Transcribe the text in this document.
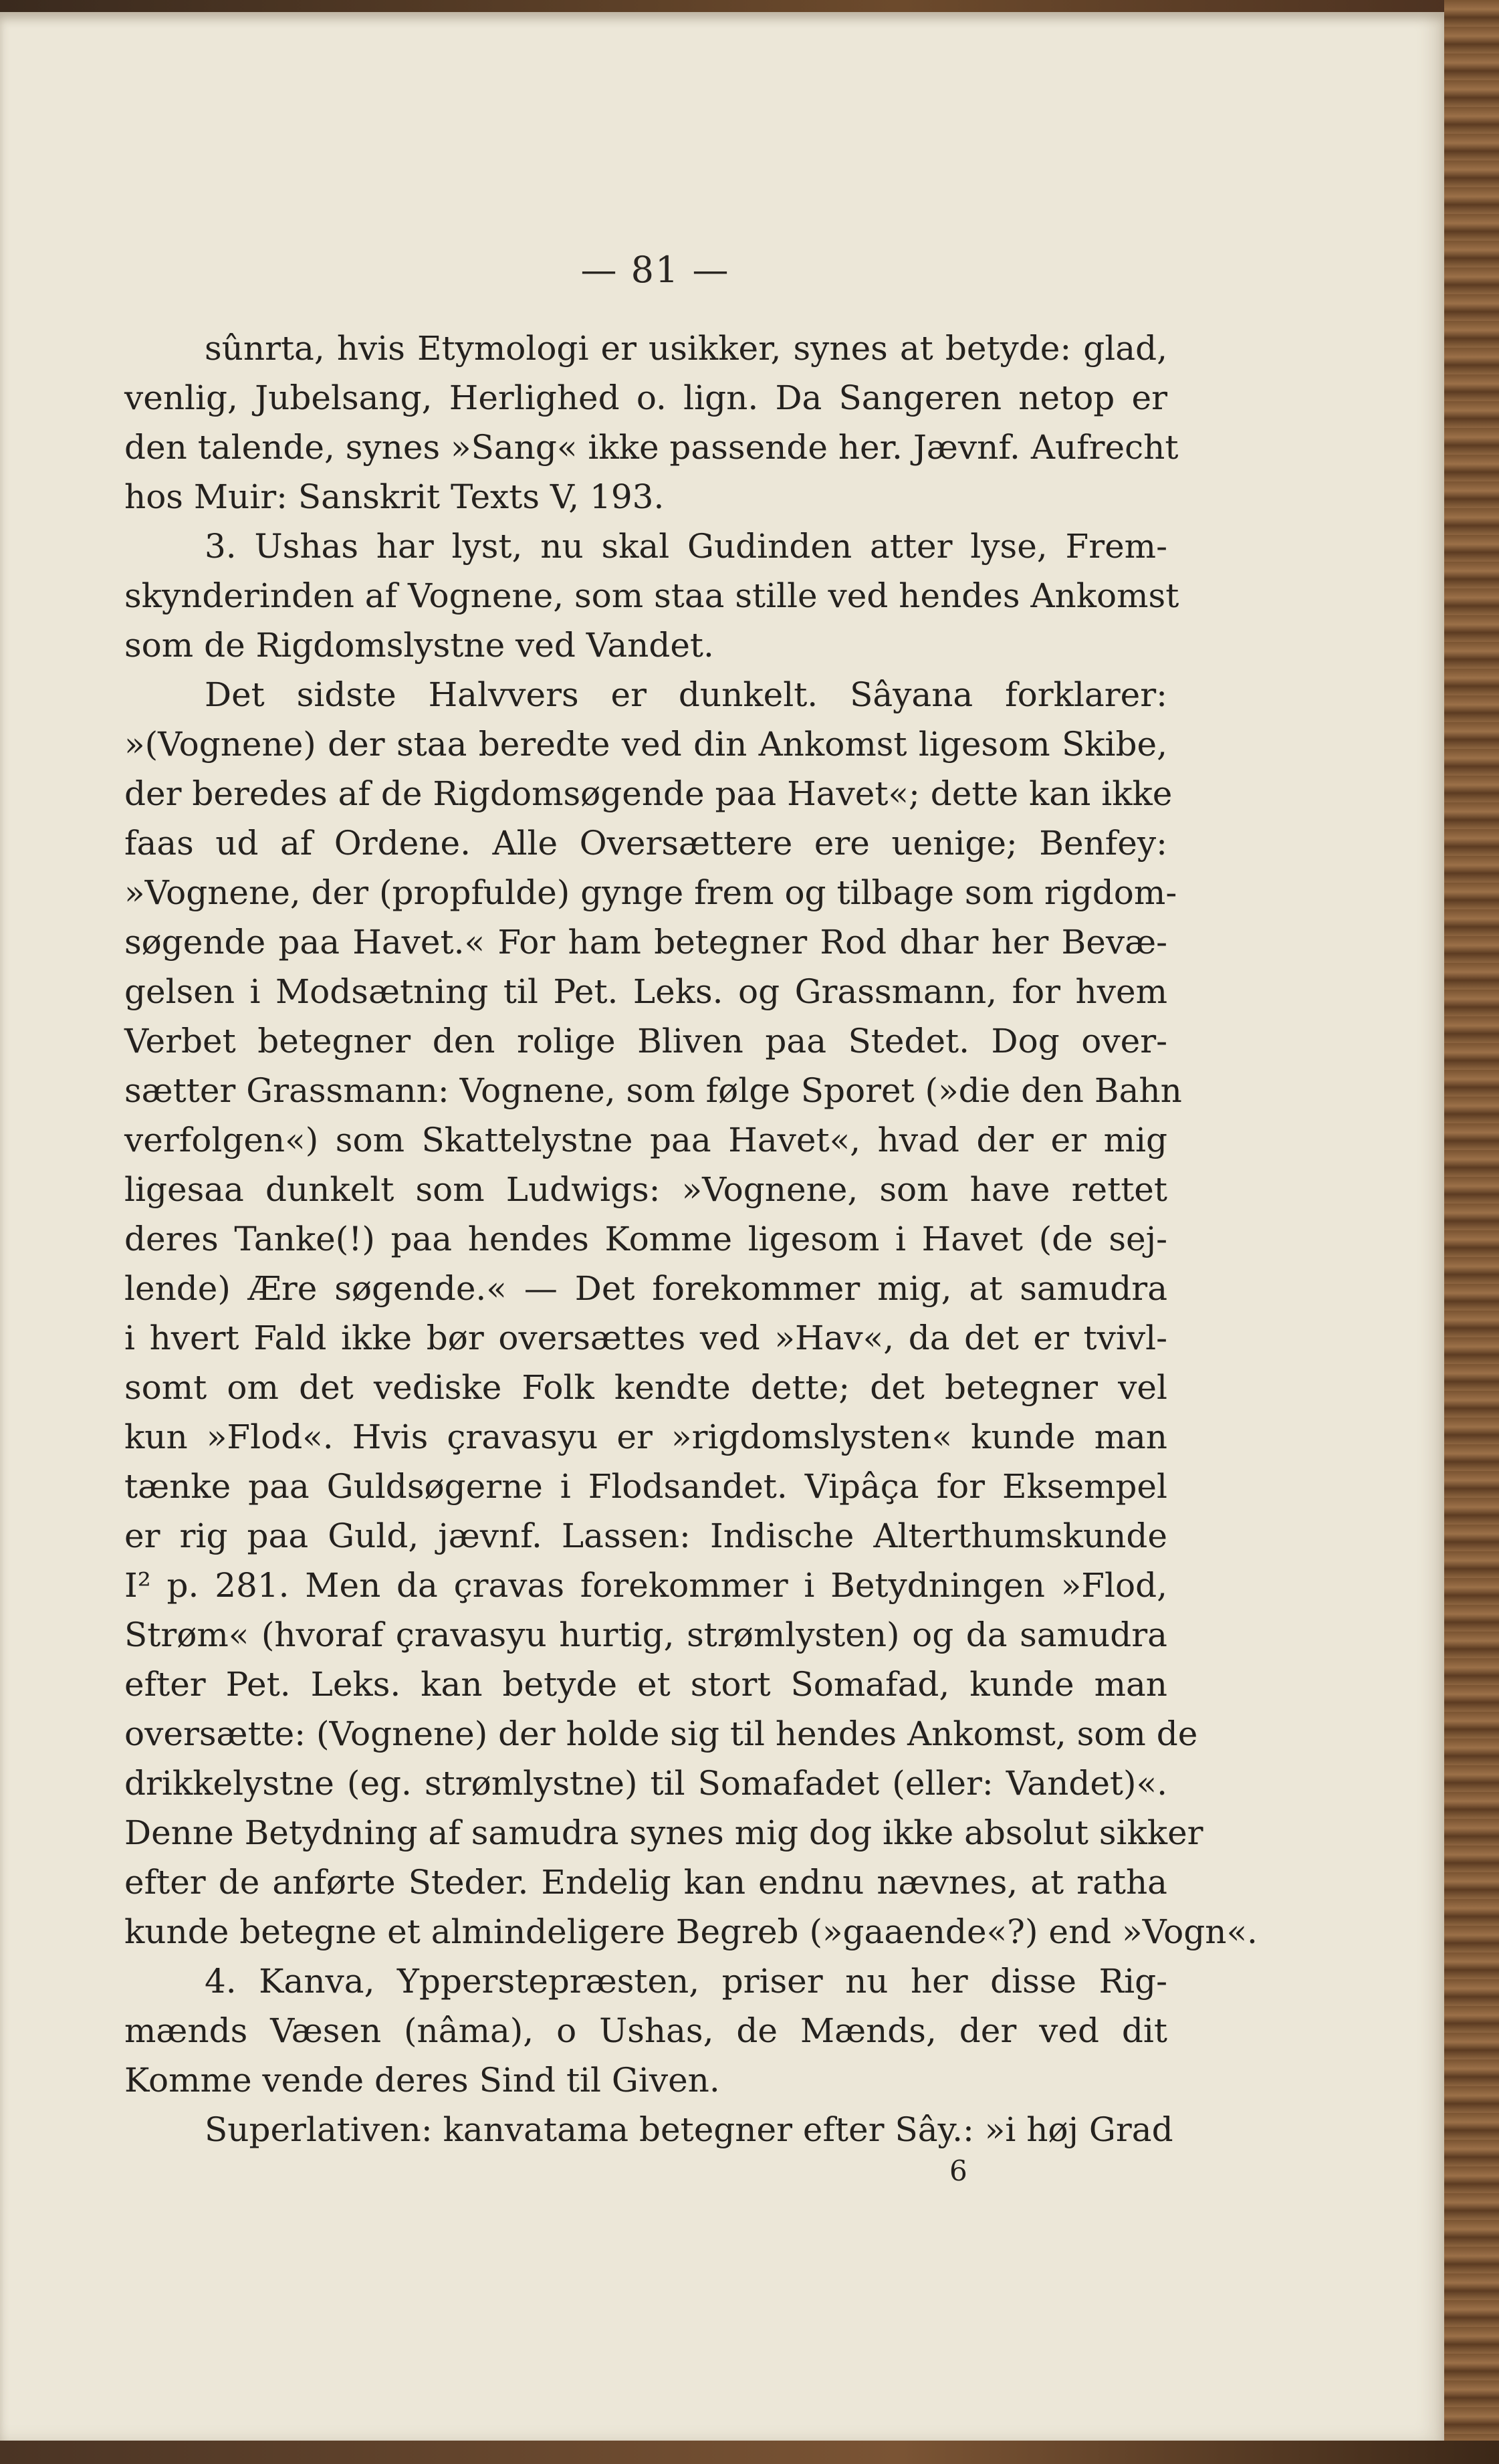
— 81 —
sûnrta, hvis Etymologi er usikker, synes at betyde: glad,
venlig, Jubelsang, Herlighed o. lign. Da Sangeren netop er
den talende, synes »Sang« ikke passende her. Jævnf. Aufrecht
hos Muir: Sanskrit Texts V, 193.
3. Ushas har lyst, nu skal Gudinden atter lyse, Frem-
skynderinden af Vognene, som staa stille ved hendes Ankomst
som de Rigdomslystne ved Vandet.
Det sidste Halvvers er dunkelt. Sâyana forklarer:
»(Vognene) der staa beredte ved din Ankomst ligesom Skibe,
der beredes af de Rigdomsøgende paa Havet«; dette kan ikke
faas ud af Ordene. Alle Oversættere ere uenige; Benfey:
»Vognene, der (propfulde) gynge frem og tilbage som rigdom-
søgende paa Havet.« For ham betegner Rod dhar her Bevæ-
gelsen i Modsætning til Pet. Leks. og Grassmann, for hvem
Verbet betegner den rolige Bliven paa Stedet. Dog over-
sætter Grassmann: Vognene, som følge Sporet (»die den Bahn
verfolgen«) som Skattelystne paa Havet«, hvad der er mig
ligesaa dunkelt som Ludwigs: »Vognene, som have rettet
deres Tanke(!) paa hendes Komme ligesom i Havet (de sej-
lende) Ære søgende.« — Det forekommer mig, at samudra
i hvert Fald ikke bør oversættes ved »Hav«, da det er tvivl-
somt om det vediske Folk kendte dette; det betegner vel
kun »Flod«. Hvis çravasyu er »rigdomslysten« kunde man
tænke paa Guldsøgerne i Flodsandet. Vipâça for Eksempel
er rig paa Guld, jævnf. Lassen: Indische Alterthumskunde
I² p. 281. Men da çravas forekommer i Betydningen »Flod,
Strøm« (hvoraf çravasyu hurtig, strømlysten) og da samudra
efter Pet. Leks. kan betyde et stort Somafad, kunde man
oversætte: (Vognene) der holde sig til hendes Ankomst, som de
drikkelystne (eg. strømlystne) til Somafadet (eller: Vandet)«.
Denne Betydning af samudra synes mig dog ikke absolut sikker
efter de anførte Steder. Endelig kan endnu nævnes, at ratha
kunde betegne et almindeligere Begreb (»gaaende«?) end »Vogn«.
4. Kanva, Ypperstepræsten, priser nu her disse Rig-
mænds Væsen (nâma), o Ushas, de Mænds, der ved dit
Komme vende deres Sind til Given.
Superlativen: kanvatama betegner efter Sây.: »i høj Grad
6
